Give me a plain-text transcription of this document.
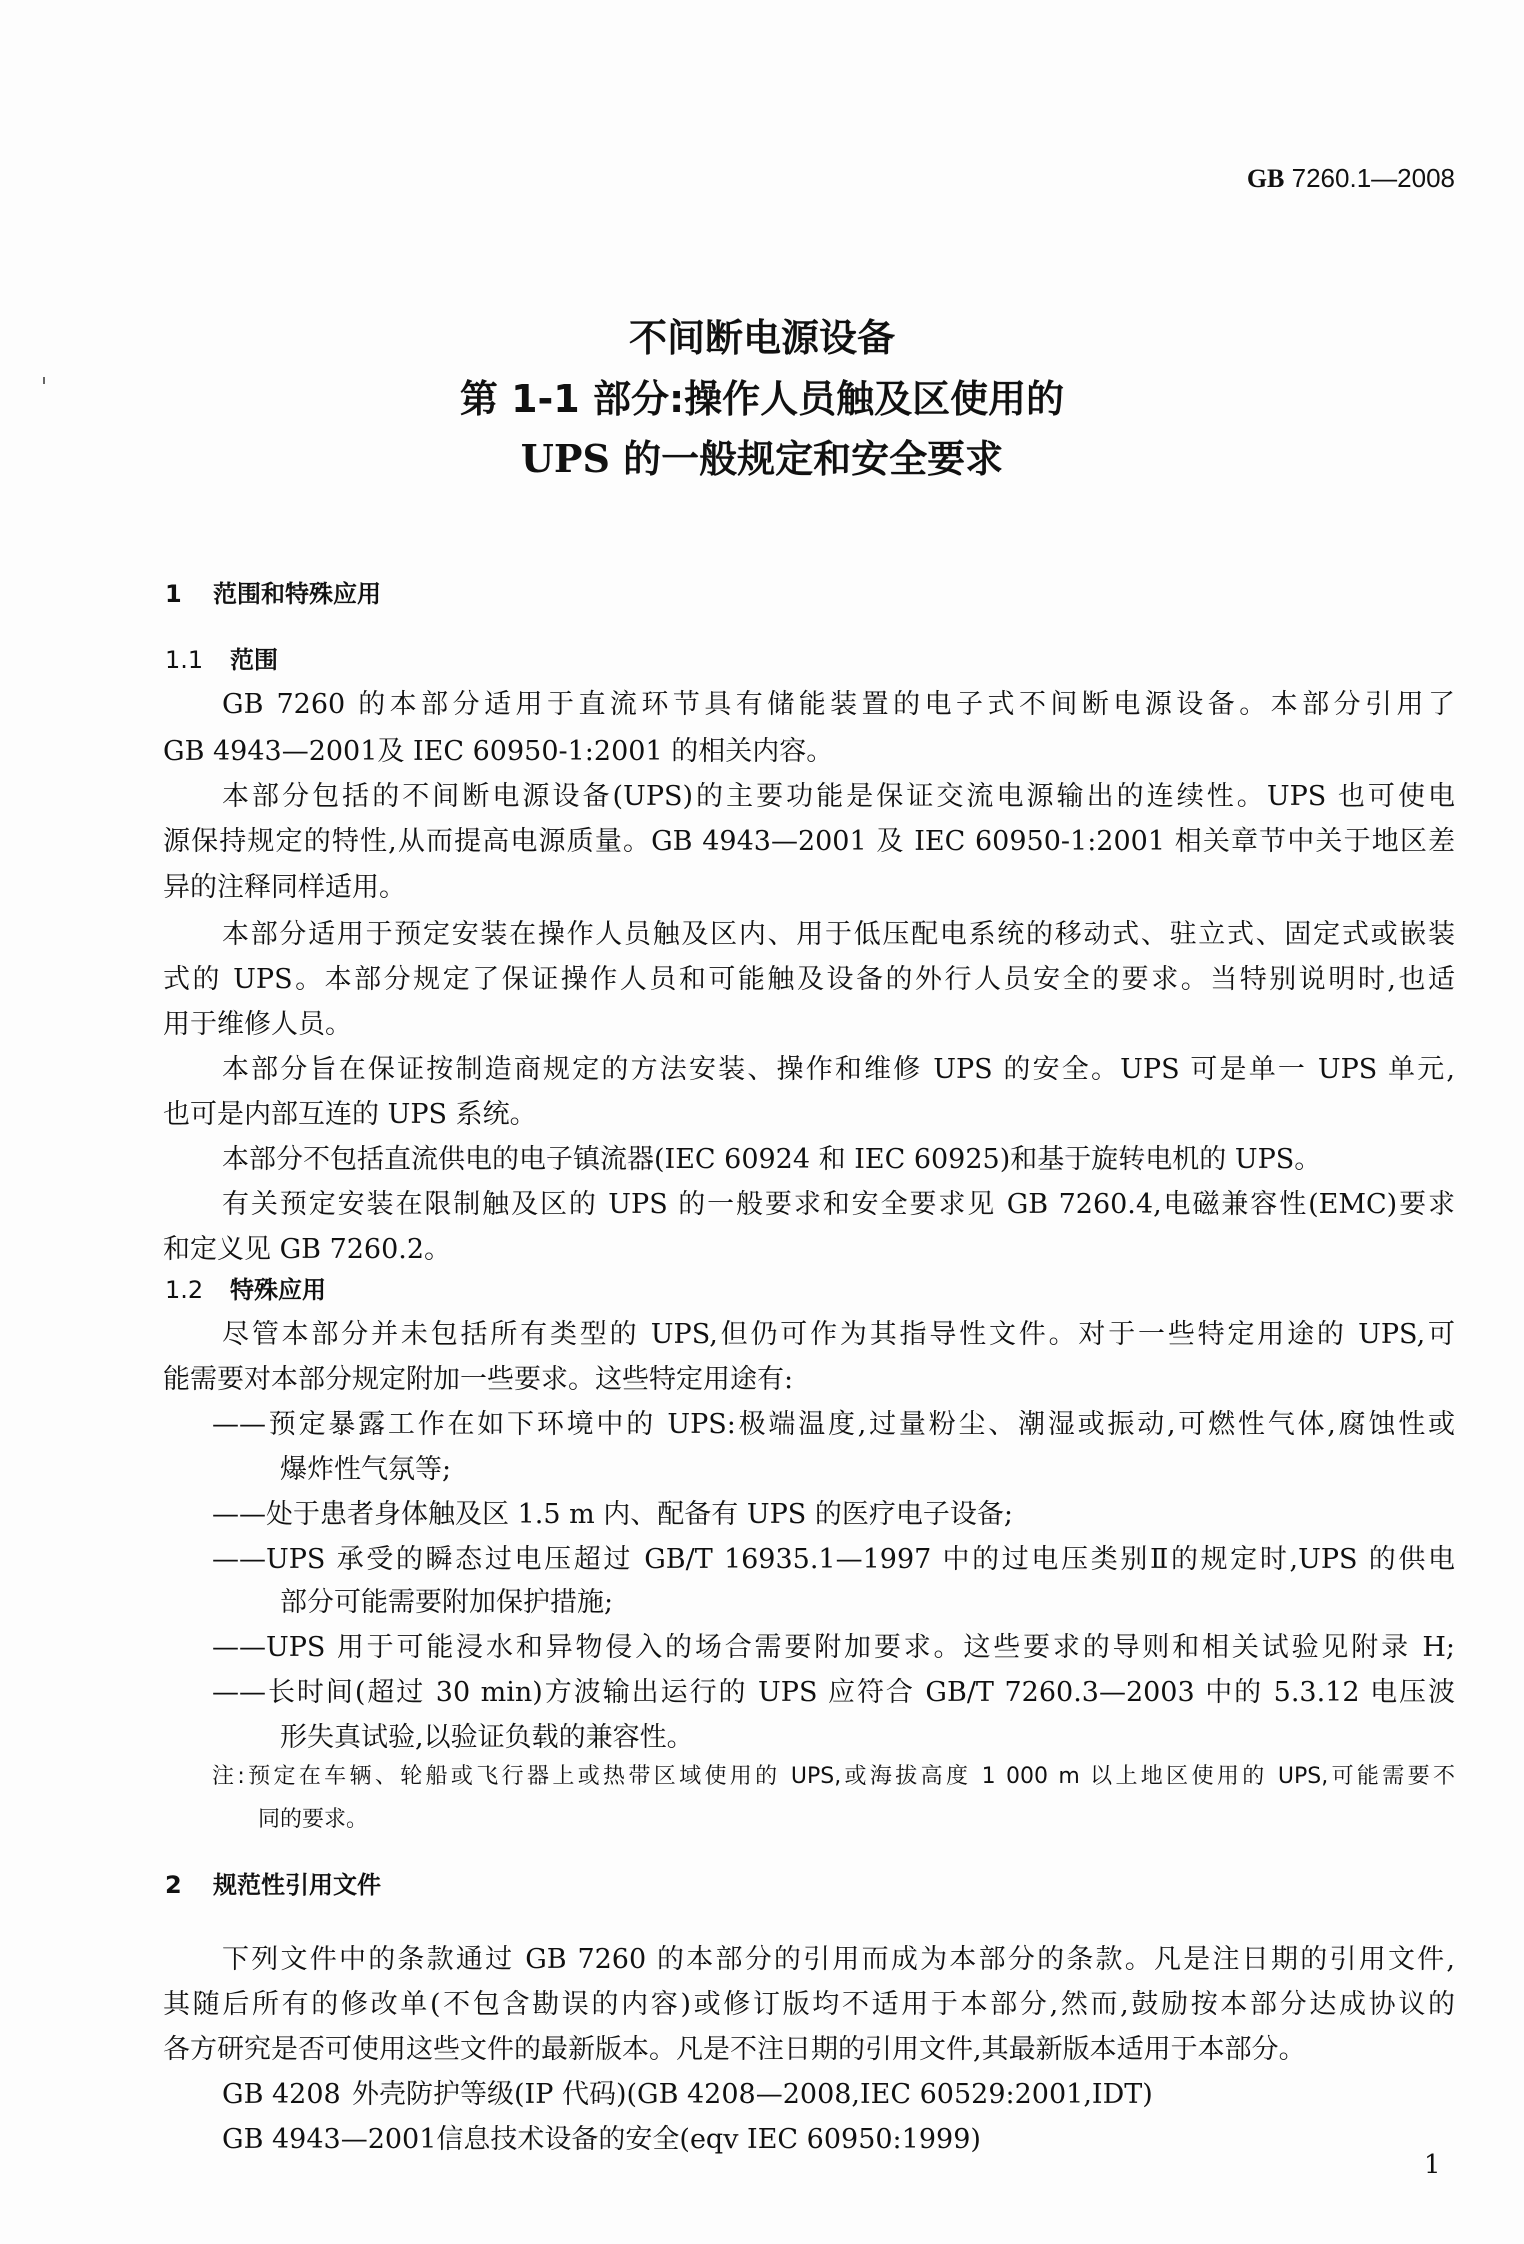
GB 7260.1—2008
不间断电源设备
第 1-1 部分:操作人员触及区使用的
UPS 的一般规定和安全要求
1 范围和特殊应用
1.1 范围
GB 7260 的本部分适用于直流环节具有储能装置的电子式不间断电源设备。本部分引用了
GB 4943—2001及 IEC 60950-1:2001 的相关内容。
本部分包括的不间断电源设备(UPS)的主要功能是保证交流电源输出的连续性。UPS 也可使电
源保持规定的特性,从而提高电源质量。GB 4943—2001 及 IEC 60950-1:2001 相关章节中关于地区差
异的注释同样适用。
本部分适用于预定安装在操作人员触及区内、用于低压配电系统的移动式、驻立式、固定式或嵌装
式的 UPS。本部分规定了保证操作人员和可能触及设备的外行人员安全的要求。当特别说明时,也适
用于维修人员。
本部分旨在保证按制造商规定的方法安装、操作和维修 UPS 的安全。UPS 可是单一 UPS 单元,
也可是内部互连的 UPS 系统。
本部分不包括直流供电的电子镇流器(IEC 60924 和 IEC 60925)和基于旋转电机的 UPS。
有关预定安装在限制触及区的 UPS 的一般要求和安全要求见 GB 7260.4,电磁兼容性(EMC)要求
和定义见 GB 7260.2。
1.2 特殊应用
尽管本部分并未包括所有类型的 UPS,但仍可作为其指导性文件。对于一些特定用途的 UPS,可
能需要对本部分规定附加一些要求。这些特定用途有:
——预定暴露工作在如下环境中的 UPS:极端温度,过量粉尘、潮湿或振动,可燃性气体,腐蚀性或
爆炸性气氛等;
——处于患者身体触及区 1.5 m 内、配备有 UPS 的医疗电子设备;
——UPS 承受的瞬态过电压超过 GB/T 16935.1—1997 中的过电压类别Ⅱ的规定时,UPS 的供电
部分可能需要附加保护措施;
——UPS 用于可能浸水和异物侵入的场合需要附加要求。这些要求的导则和相关试验见附录 H;
——长时间(超过 30 min)方波输出运行的 UPS 应符合 GB/T 7260.3—2003 中的 5.3.12 电压波
形失真试验,以验证负载的兼容性。
注:预定在车辆、轮船或飞行器上或热带区域使用的 UPS,或海拔高度 1 000 m 以上地区使用的 UPS,可能需要不
同的要求。
2 规范性引用文件
下列文件中的条款通过 GB 7260 的本部分的引用而成为本部分的条款。凡是注日期的引用文件,
其随后所有的修改单(不包含勘误的内容)或修订版均不适用于本部分,然而,鼓励按本部分达成协议的
各方研究是否可使用这些文件的最新版本。凡是不注日期的引用文件,其最新版本适用于本部分。
GB 4208 外壳防护等级(IP 代码)(GB 4208—2008,IEC 60529:2001,IDT)
GB 4943—2001信息技术设备的安全(eqv IEC 60950:1999)
1
